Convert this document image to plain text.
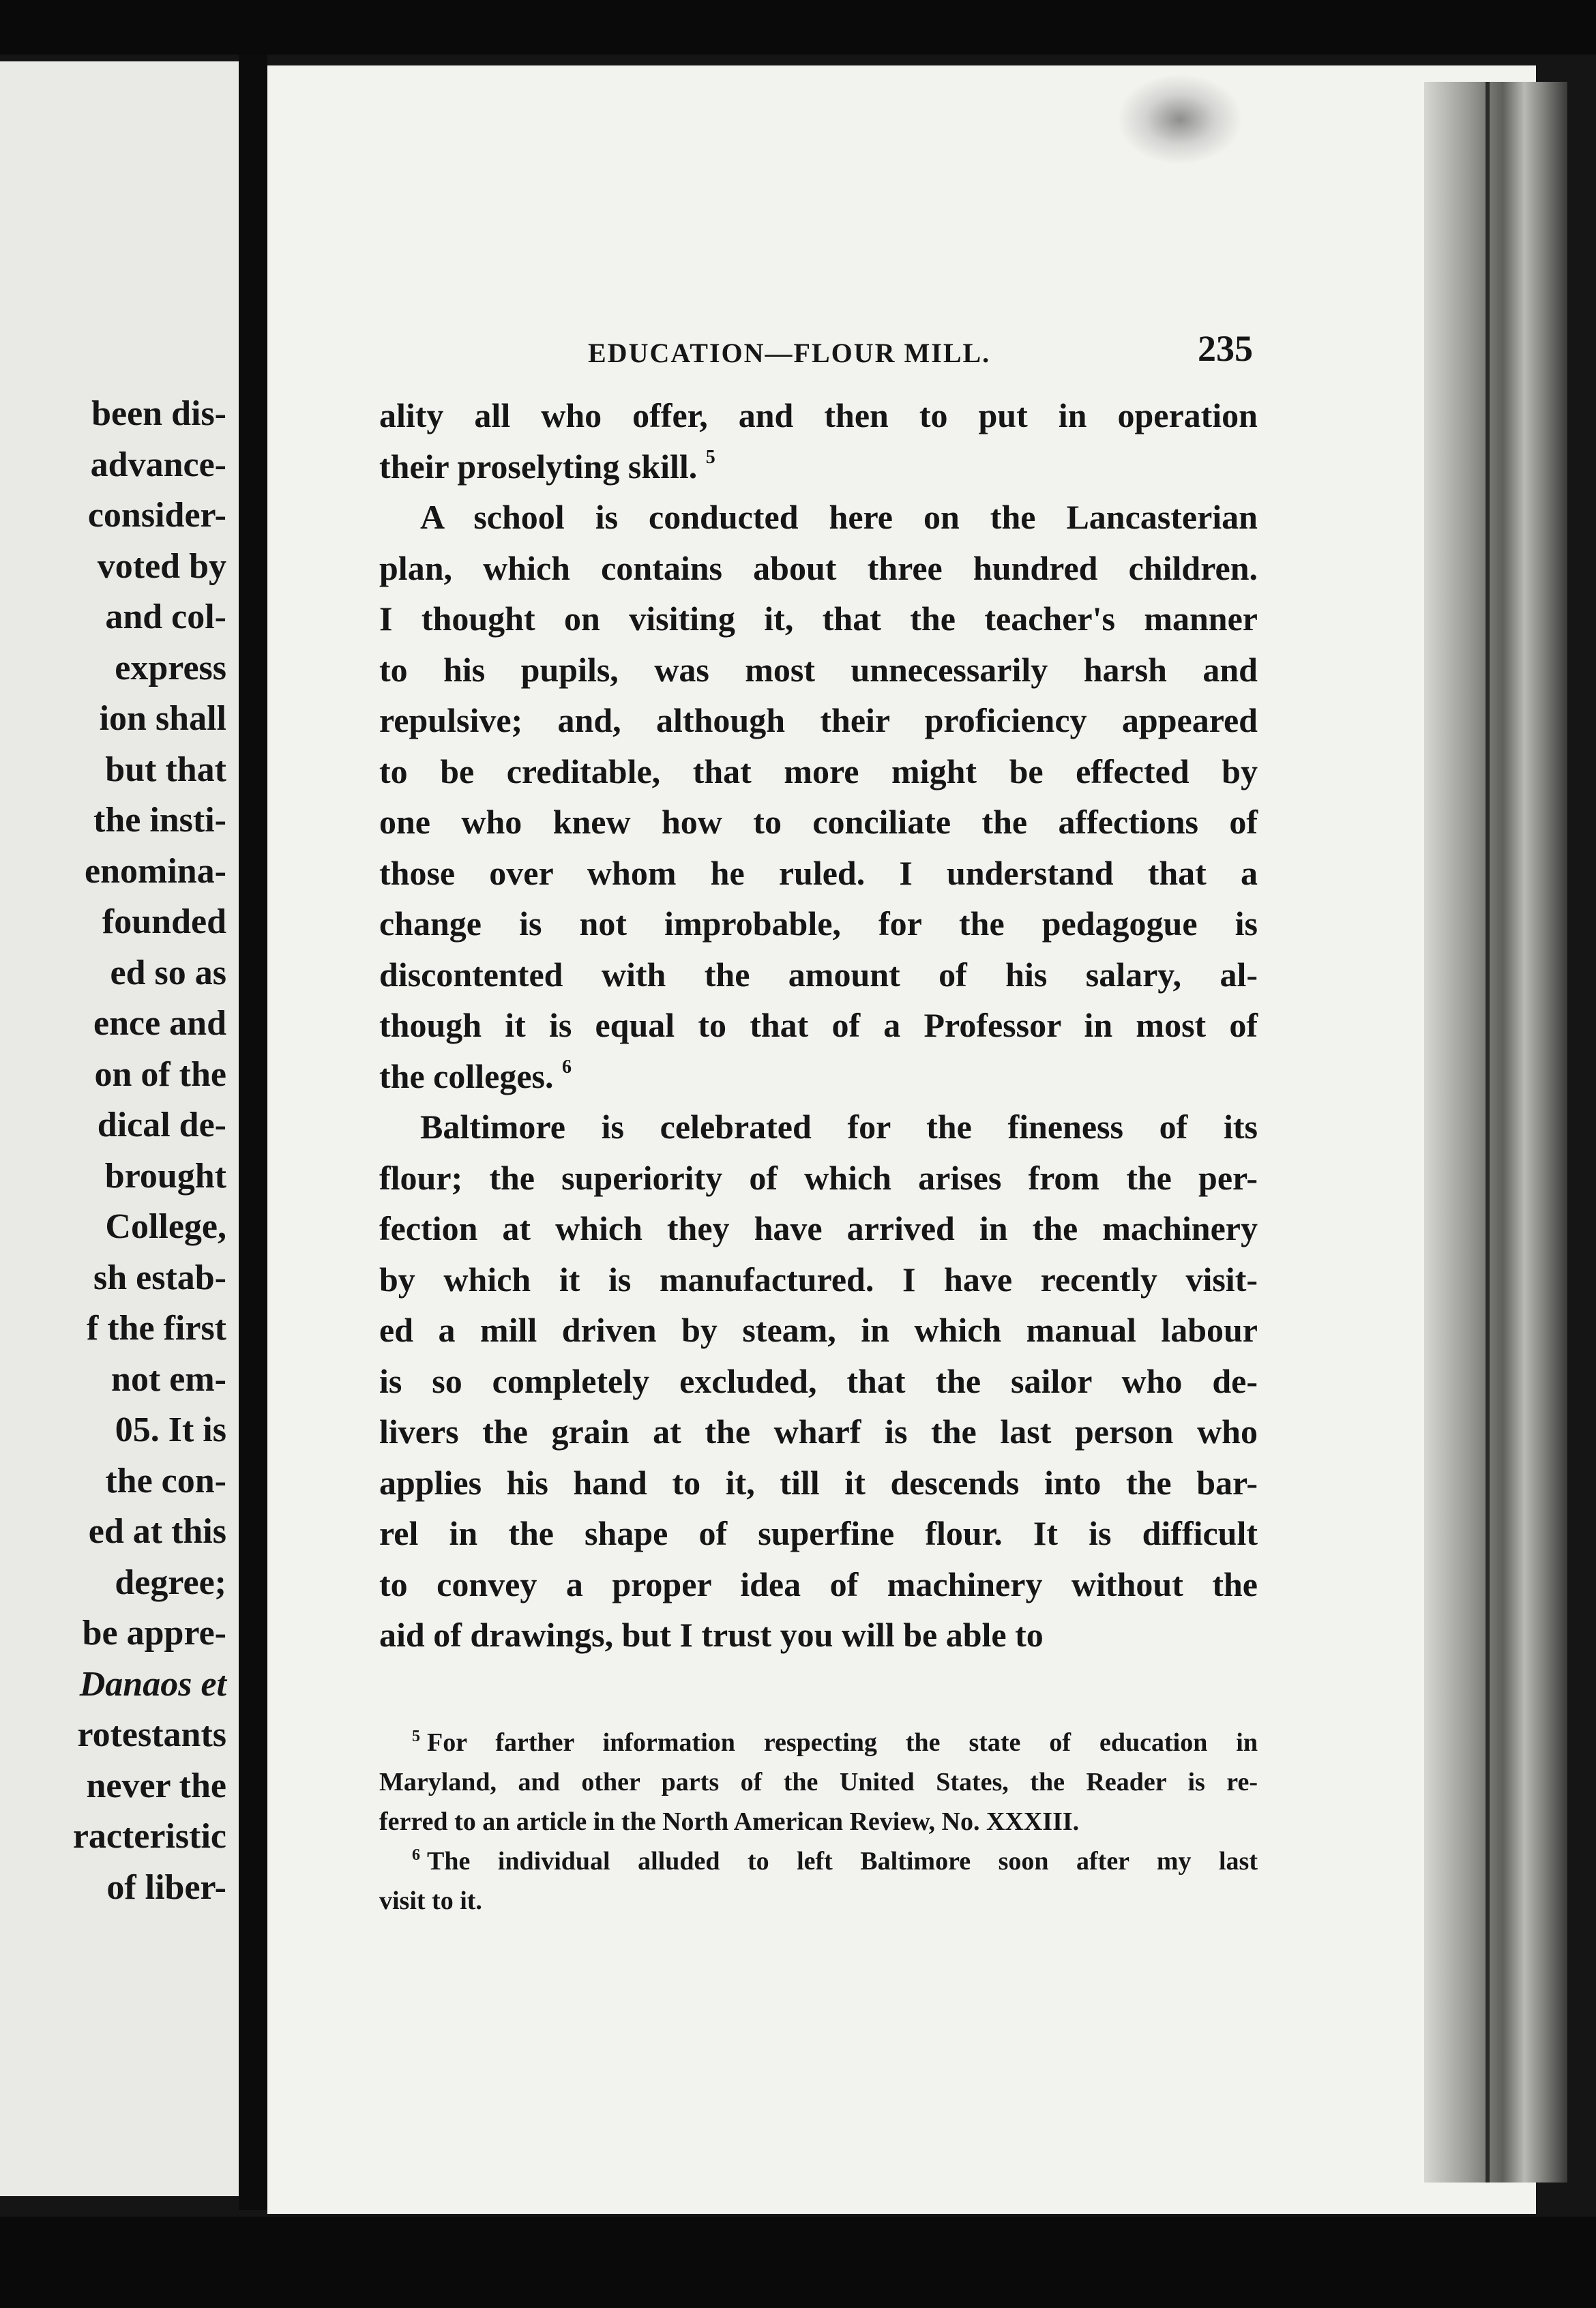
been dis-
advance-
consider-
voted by
and col-
express
ion shall
but that
the insti-
enomina-
founded
ed so as
ence and
on of the
dical de-
brought
College,
sh estab-
f the first
not em-
05. It is
the con-
ed at this
degree;
be appre-
Danaos et
rotestants
never the
racteristic
of liber-
EDUCATION—FLOUR MILL.	235
ality all who offer, and then to put in operation
their proselyting skill. $^5$
A school is conducted here on the Lancasterian
plan, which contains about three hundred children.
I thought on visiting it, that the teacher's manner
to his pupils, was most unnecessarily harsh and
repulsive; and, although their proficiency appeared
to be creditable, that more might be effected by
one who knew how to conciliate the affections of
those over whom he ruled. I understand that a
change is not improbable, for the pedagogue is
discontented with the amount of his salary, al-
though it is equal to that of a Professor in most of
the colleges. $^6$
Baltimore is celebrated for the fineness of its
flour; the superiority of which arises from the per-
fection at which they have arrived in the machinery
by which it is manufactured. I have recently visit-
ed a mill driven by steam, in which manual labour
is so completely excluded, that the sailor who de-
livers the grain at the wharf is the last person who
applies his hand to it, till it descends into the bar-
rel in the shape of superfine flour. It is difficult
to convey a proper idea of machinery without the
aid of drawings, but I trust you will be able to
$^5$ For farther information respecting the state of education in
Maryland, and other parts of the United States, the Reader is re-
ferred to an article in the North American Review, No. XXXIII.
$^6$ The individual alluded to left Baltimore soon after my last
visit to it.
